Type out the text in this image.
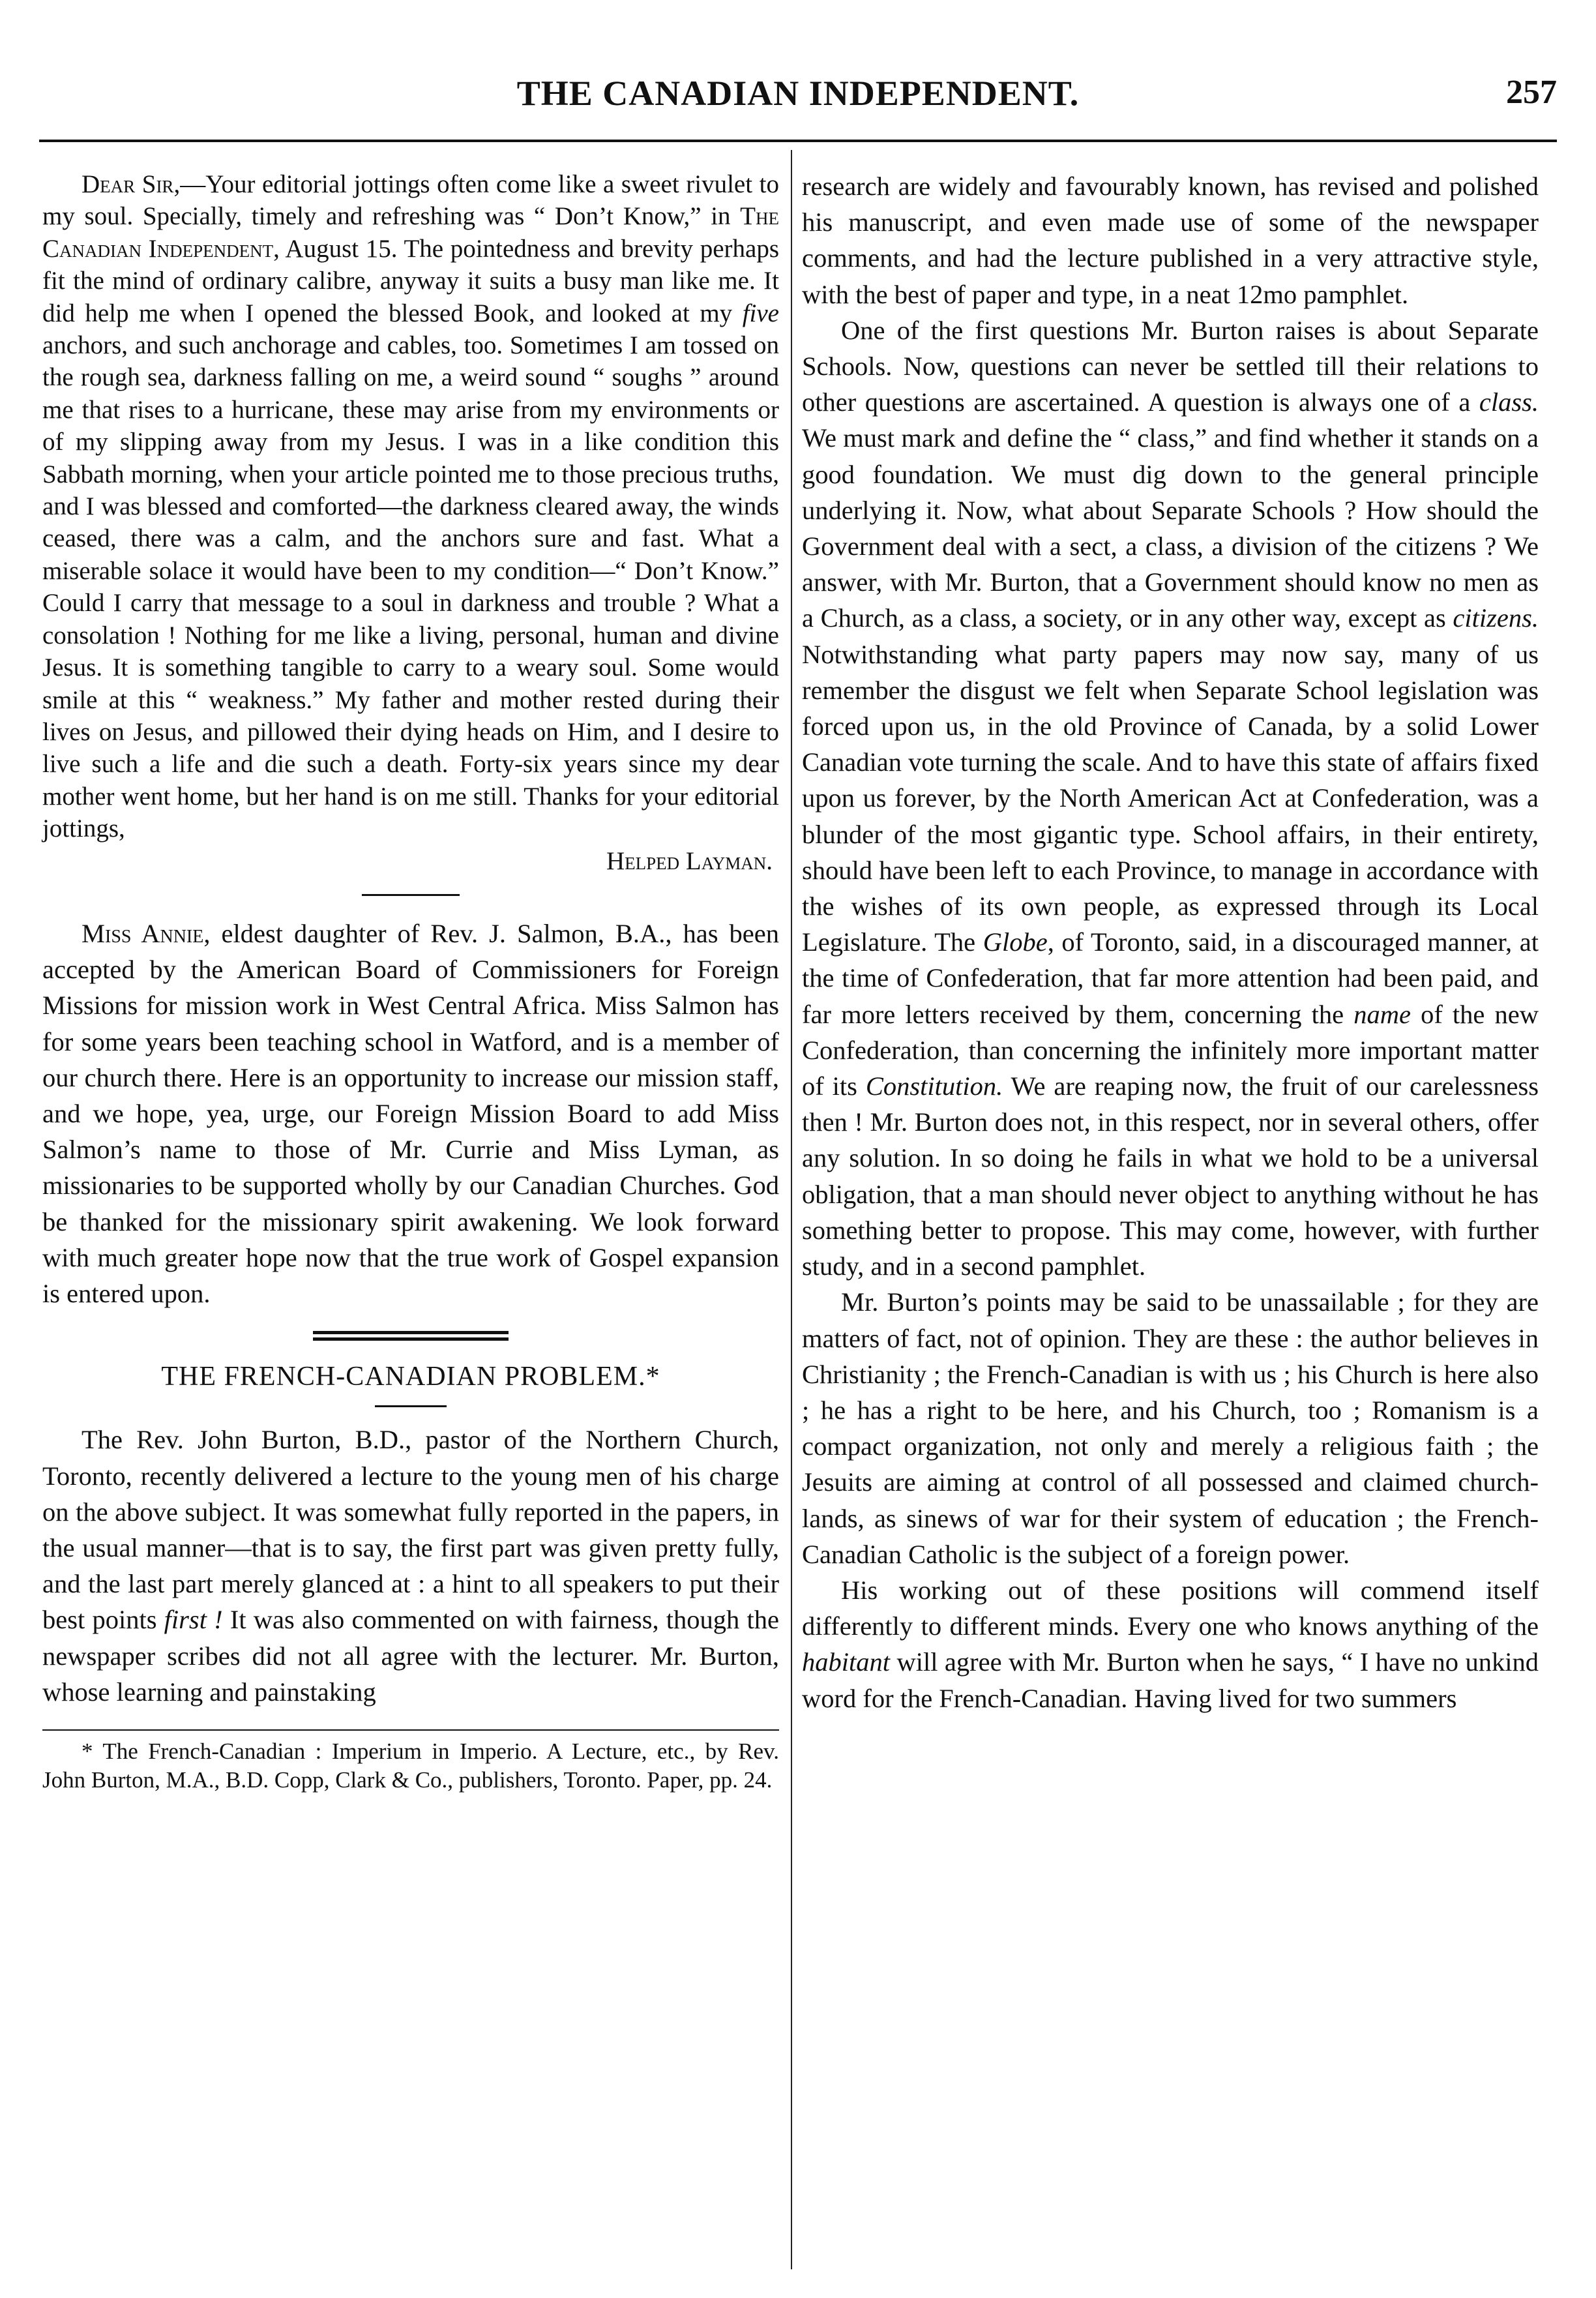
THE CANADIAN INDEPENDENT.	257

Dear Sir,—Your editorial jottings often come like a sweet rivulet to my soul. Specially, timely and refreshing was “ Don’t Know,” in The Canadian Independent, August 15. The pointedness and brevity perhaps fit the mind of ordinary calibre, anyway it suits a busy man like me. It did help me when I opened the blessed Book, and looked at my five anchors, and such anchorage and cables, too. Sometimes I am tossed on the rough sea, darkness falling on me, a weird sound “ soughs ” around me that rises to a hurricane, these may arise from my environments or of my slipping away from my Jesus. I was in a like condition this Sabbath morning, when your article pointed me to those precious truths, and I was blessed and comforted—the darkness cleared away, the winds ceased, there was a calm, and the anchors sure and fast. What a miserable solace it would have been to my condition—“ Don’t Know.” Could I carry that message to a soul in darkness and trouble ? What a consolation ! Nothing for me like a living, personal, human and divine Jesus. It is something tangible to carry to a weary soul. Some would smile at this “ weakness.” My father and mother rested during their lives on Jesus, and pillowed their dying heads on Him, and I desire to live such a life and die such a death. Forty-six years since my dear mother went home, but her hand is on me still. Thanks for your editorial jottings,

Helped Layman.

Miss Annie, eldest daughter of Rev. J. Salmon, B.A., has been accepted by the American Board of Commissioners for Foreign Missions for mission work in West Central Africa. Miss Salmon has for some years been teaching school in Watford, and is a member of our church there. Here is an opportunity to increase our mission staff, and we hope, yea, urge, our Foreign Mission Board to add Miss Salmon’s name to those of Mr. Currie and Miss Lyman, as missionaries to be supported wholly by our Canadian Churches. God be thanked for the missionary spirit awakening. We look forward with much greater hope now that the true work of Gospel expansion is entered upon.

THE FRENCH-CANADIAN PROBLEM.*

The Rev. John Burton, B.D., pastor of the Northern Church, Toronto, recently delivered a lecture to the young men of his charge on the above subject. It was somewhat fully reported in the papers, in the usual manner—that is to say, the first part was given pretty fully, and the last part merely glanced at : a hint to all speakers to put their best points first ! It was also commented on with fairness, though the newspaper scribes did not all agree with the lecturer. Mr. Burton, whose learning and painstaking

* The French-Canadian : Imperium in Imperio. A Lecture, etc., by Rev. John Burton, M.A., B.D. Copp, Clark & Co., publishers, Toronto. Paper, pp. 24.

research are widely and favourably known, has revised and polished his manuscript, and even made use of some of the newspaper comments, and had the lecture published in a very attractive style, with the best of paper and type, in a neat 12mo pamphlet.

One of the first questions Mr. Burton raises is about Separate Schools. Now, questions can never be settled till their relations to other questions are ascertained. A question is always one of a class. We must mark and define the “ class,” and find whether it stands on a good foundation. We must dig down to the general principle underlying it. Now, what about Separate Schools ? How should the Government deal with a sect, a class, a division of the citizens ? We answer, with Mr. Burton, that a Government should know no men as a Church, as a class, a society, or in any other way, except as citizens. Notwithstanding what party papers may now say, many of us remember the disgust we felt when Separate School legislation was forced upon us, in the old Province of Canada, by a solid Lower Canadian vote turning the scale. And to have this state of affairs fixed upon us forever, by the North American Act at Confederation, was a blunder of the most gigantic type. School affairs, in their entirety, should have been left to each Province, to manage in accordance with the wishes of its own people, as expressed through its Local Legislature. The Globe, of Toronto, said, in a discouraged manner, at the time of Confederation, that far more attention had been paid, and far more letters received by them, concerning the name of the new Confederation, than concerning the infinitely more important matter of its Constitution. We are reaping now, the fruit of our carelessness then ! Mr. Burton does not, in this respect, nor in several others, offer any solution. In so doing he fails in what we hold to be a universal obligation, that a man should never object to anything without he has something better to propose. This may come, however, with further study, and in a second pamphlet.

Mr. Burton’s points may be said to be unassailable ; for they are matters of fact, not of opinion. They are these : the author believes in Christianity ; the French-Canadian is with us ; his Church is here also ; he has a right to be here, and his Church, too ; Romanism is a compact organization, not only and merely a religious faith ; the Jesuits are aiming at control of all possessed and claimed church-lands, as sinews of war for their system of education ; the French-Canadian Catholic is the subject of a foreign power.

His working out of these positions will commend itself differently to different minds. Every one who knows anything of the habitant will agree with Mr. Burton when he says, “ I have no unkind word for the French-Canadian. Having lived for two summers
